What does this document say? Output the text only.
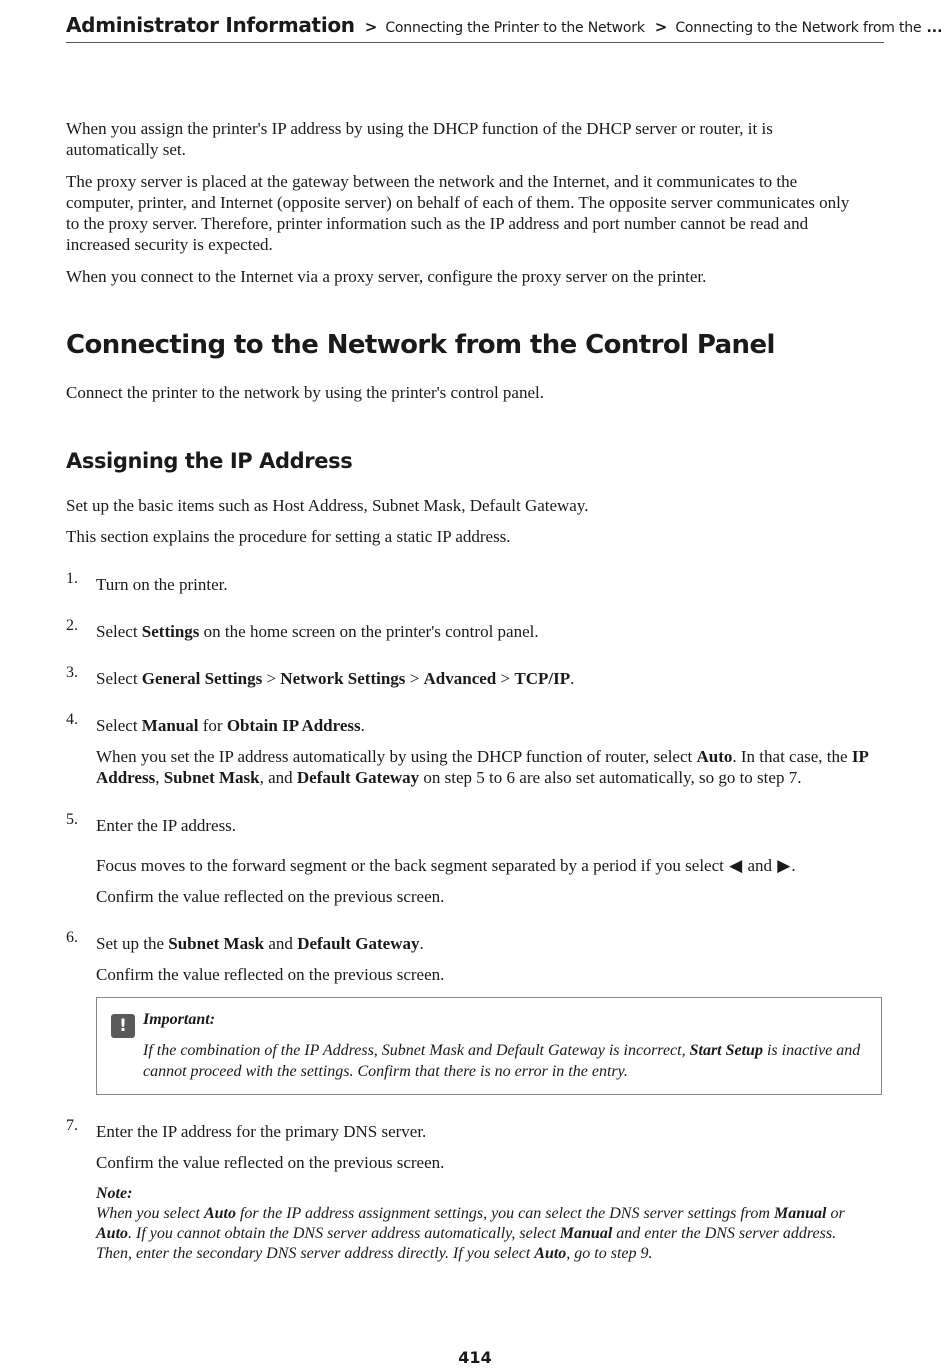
Administrator Information > Connecting the Printer to the Network > Connecting to the Network from the ...

When you assign the printer's IP address by using the DHCP function of the DHCP server or router, it is automatically set.

The proxy server is placed at the gateway between the network and the Internet, and it communicates to the computer, printer, and Internet (opposite server) on behalf of each of them. The opposite server communicates only to the proxy server. Therefore, printer information such as the IP address and port number cannot be read and increased security is expected.

When you connect to the Internet via a proxy server, configure the proxy server on the printer.

Connecting to the Network from the Control Panel

Connect the printer to the network by using the printer's control panel.

Assigning the IP Address

Set up the basic items such as Host Address, Subnet Mask, Default Gateway.

This section explains the procedure for setting a static IP address.

1. Turn on the printer.

2. Select Settings on the home screen on the printer's control panel.

3. Select General Settings > Network Settings > Advanced > TCP/IP.

4. Select Manual for Obtain IP Address.

When you set the IP address automatically by using the DHCP function of router, select Auto. In that case, the IP Address, Subnet Mask, and Default Gateway on step 5 to 6 are also set automatically, so go to step 7.

5. Enter the IP address.

Focus moves to the forward segment or the back segment separated by a period if you select ◀ and ▶.

Confirm the value reflected on the previous screen.

6. Set up the Subnet Mask and Default Gateway.

Confirm the value reflected on the previous screen.

!	Important:
If the combination of the IP Address, Subnet Mask and Default Gateway is incorrect, Start Setup is inactive and cannot proceed with the settings. Confirm that there is no error in the entry.
7. Enter the IP address for the primary DNS server.

Confirm the value reflected on the previous screen.

Note:
When you select Auto for the IP address assignment settings, you can select the DNS server settings from Manual or Auto. If you cannot obtain the DNS server address automatically, select Manual and enter the DNS server address. Then, enter the secondary DNS server address directly. If you select Auto, go to step 9.
414
